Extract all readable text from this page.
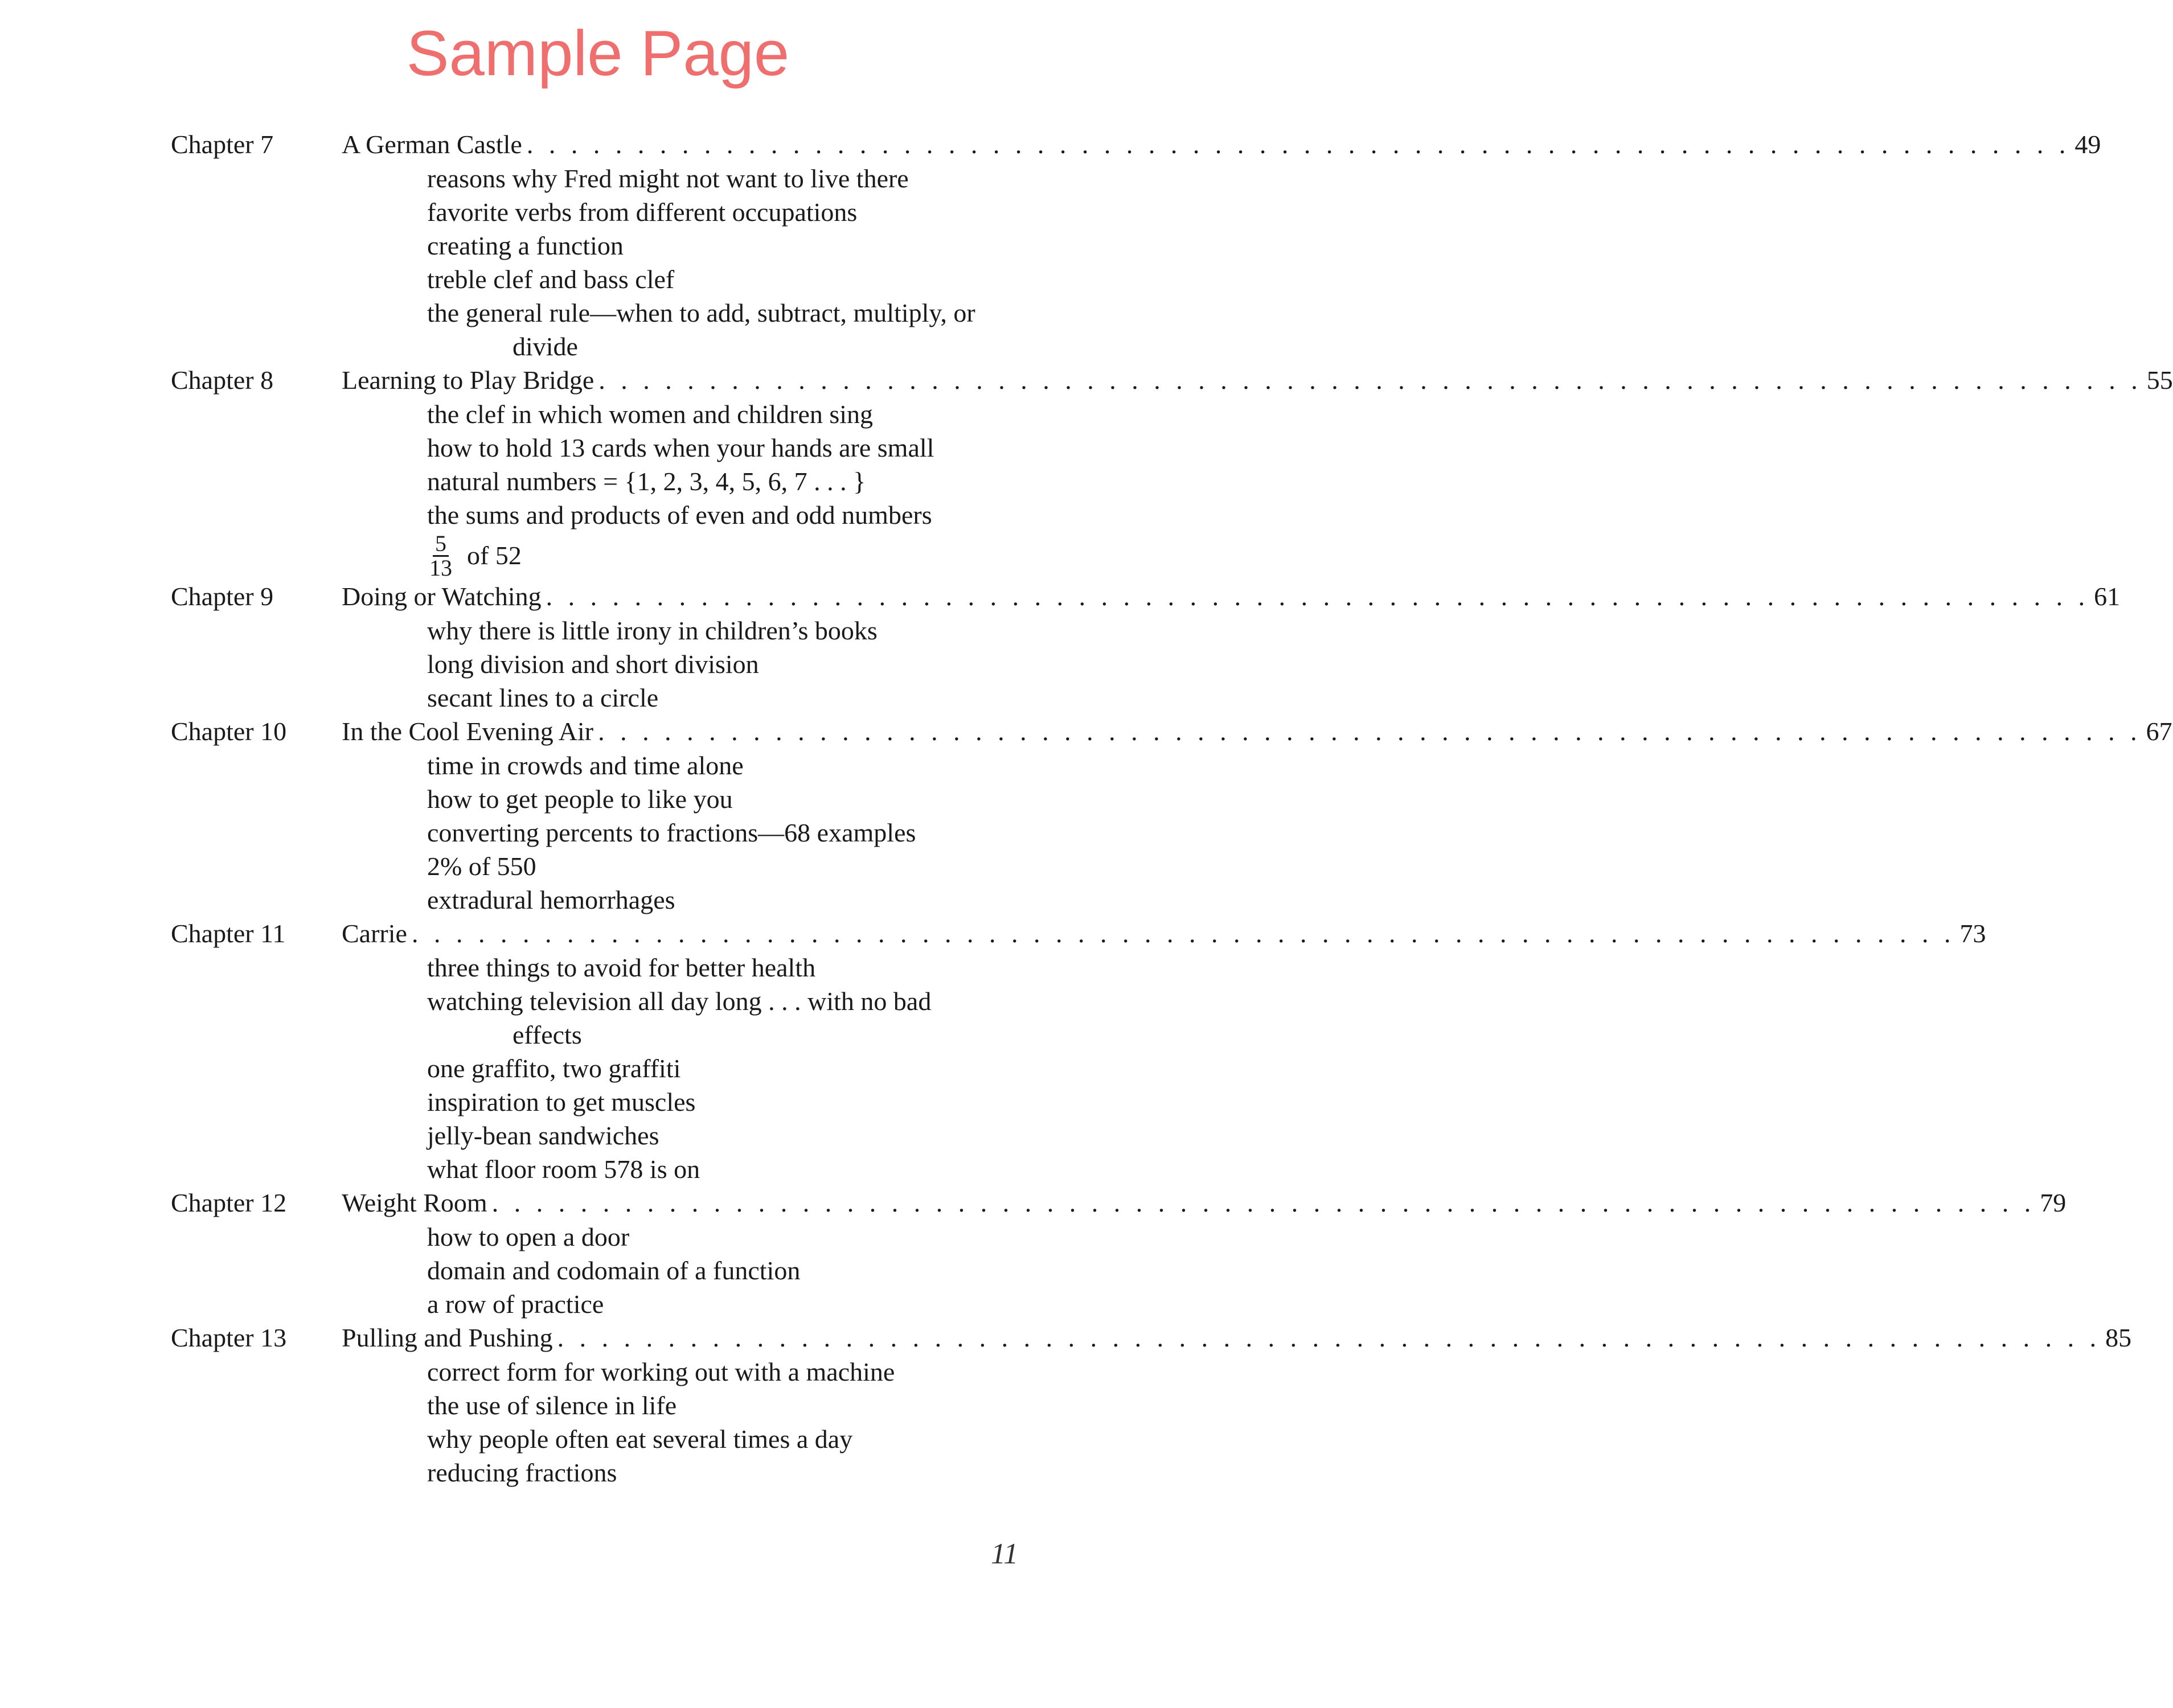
Sample Page
Chapter 7	A German Castle . . . . . . . . . . . . . . . . . . . . . . . . . . . . . . . . . . . . . . . . . . . . . . . . . . . . . . . . . . . . . . . . . . . . . . 49
reasons why Fred might not want to live there
favorite verbs from different occupations
creating a function
treble clef and bass clef
the general rule—when to add, subtract, multiply, or
divide
Chapter 8	Learning to Play Bridge . . . . . . . . . . . . . . . . . . . . . . . . . . . . . . . . . . . . . . . . . . . . . . . . . . . . . . . . . . . . . . . . . . . . . . 55
the clef in which women and children sing
how to hold 13 cards when your hands are small
natural numbers = {1, 2, 3, 4, 5, 6, 7 . . . }
the sums and products of even and odd numbers
$\frac{5}{13}$ of 52
Chapter 9	Doing or Watching . . . . . . . . . . . . . . . . . . . . . . . . . . . . . . . . . . . . . . . . . . . . . . . . . . . . . . . . . . . . . . . . . . . . . . 61
why there is little irony in children’s books
long division and short division
secant lines to a circle
Chapter 10	In the Cool Evening Air . . . . . . . . . . . . . . . . . . . . . . . . . . . . . . . . . . . . . . . . . . . . . . . . . . . . . . . . . . . . . . . . . . . . . . 67
time in crowds and time alone
how to get people to like you
converting percents to fractions—68 examples
2% of 550
extradural hemorrhages
Chapter 11	Carrie . . . . . . . . . . . . . . . . . . . . . . . . . . . . . . . . . . . . . . . . . . . . . . . . . . . . . . . . . . . . . . . . . . . . . . 73
three things to avoid for better health
watching television all day long . . . with no bad
effects
one graffito, two graffiti
inspiration to get muscles
jelly-bean sandwiches
what floor room 578 is on
Chapter 12	Weight Room . . . . . . . . . . . . . . . . . . . . . . . . . . . . . . . . . . . . . . . . . . . . . . . . . . . . . . . . . . . . . . . . . . . . . . 79
how to open a door
domain and codomain of a function
a row of practice
Chapter 13	Pulling and Pushing . . . . . . . . . . . . . . . . . . . . . . . . . . . . . . . . . . . . . . . . . . . . . . . . . . . . . . . . . . . . . . . . . . . . . . 85
correct form for working out with a machine
the use of silence in life
why people often eat several times a day
reducing fractions
11
